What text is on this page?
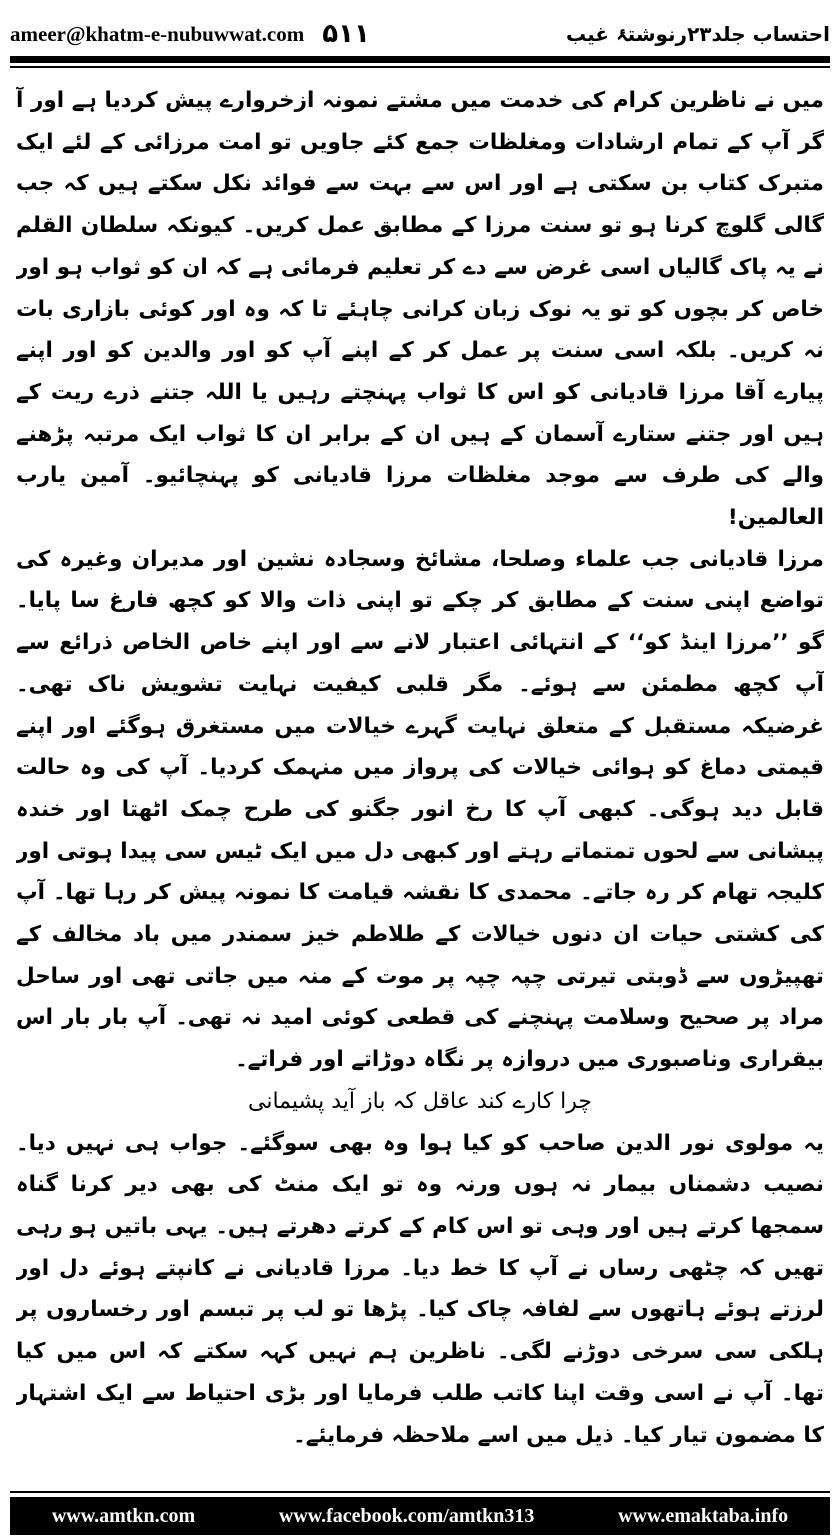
ameer@khatm-e-nubuwwat.com ۵۱۱	احتساب جلد۲۳رنوشتۂ غیب

میں نے ناظرین کرام کی خدمت میں مشتے نمونہ ازخروارے پیش کردیا ہے اور آ گر آپ کے تمام ارشادات ومغلظات جمع کئے جاویں تو امت مرزائی کے لئے ایک متبرک کتاب بن سکتی ہے اور اس سے بہت سے فوائد نکل سکتے ہیں کہ جب گالی گلوچ کرنا ہو تو سنت مرزا کے مطابق عمل کریں۔ کیونکہ سلطان القلم نے یہ پاک گالیاں اسی غرض سے دے کر تعلیم فرمائی ہے کہ ان کو ثواب ہو اور خاص کر بچوں کو تو یہ نوک زبان کرانی چاہئے تا کہ وہ اور کوئی بازاری بات نہ کریں۔ بلکہ اسی سنت پر عمل کر کے اپنے آپ کو اور والدین کو اور اپنے پیارے آقا مرزا قادیانی کو اس کا ثواب پہنچتے رہیں یا اللہ جتنے ذرے ریت کے ہیں اور جتنے ستارے آسمان کے ہیں ان کے برابر ان کا ثواب ایک مرتبہ پڑھنے والے کی طرف سے موجد مغلظات مرزا قادیانی کو پہنچائیو۔ آمین یارب العالمین!

مرزا قادیانی جب علماء وصلحا، مشائخ وسجادہ نشین اور مدیران وغیرہ کی تواضع اپنی سنت کے مطابق کر چکے تو اپنی ذات والا کو کچھ فارغ سا پایا۔ گو ’’مرزا اینڈ کو‘‘ کے انتہائی اعتبار لانے سے اور اپنے خاص الخاص ذرائع سے آپ کچھ مطمئن سے ہوئے۔ مگر قلبی کیفیت نہایت تشویش ناک تھی۔ غرضیکہ مستقبل کے متعلق نہایت گہرے خیالات میں مستغرق ہوگئے اور اپنے قیمتی دماغ کو ہوائی خیالات کی پرواز میں منہمک کردیا۔ آپ کی وہ حالت قابل دید ہوگی۔ کبھی آپ کا رخ انور جگنو کی طرح چمک اٹھتا اور خندہ پیشانی سے لحوں تمتماتے رہتے اور کبھی دل میں ایک ٹیس سی پیدا ہوتی اور کلیجہ تھام کر رہ جاتے۔ محمدی کا نقشہ قیامت کا نمونہ پیش کر رہا تھا۔ آپ کی کشتی حیات ان دنوں خیالات کے طلاطم خیز سمندر میں باد مخالف کے تھپیڑوں سے ڈوبتی تیرتی چپہ چپہ پر موت کے منہ میں جاتی تھی اور ساحل مراد پر صحیح وسلامت پہنچنے کی قطعی کوئی امید نہ تھی۔ آپ بار بار اس بیقراری وناصبوری میں دروازہ پر نگاہ دوڑاتے اور فراتے۔

چرا کارے کند عاقل کہ باز آید پشیمانی

یہ مولوی نور الدین صاحب کو کیا ہوا وہ بھی سوگئے۔ جواب ہی نہیں دیا۔ نصیب دشمناں بیمار نہ ہوں ورنہ وہ تو ایک منٹ کی بھی دیر کرنا گناہ سمجھا کرتے ہیں اور وہی تو اس کام کے کرتے دھرتے ہیں۔ یہی باتیں ہو رہی تھیں کہ چٹھی رساں نے آپ کا خط دیا۔ مرزا قادیانی نے کانپتے ہوئے دل اور لرزتے ہوئے ہاتھوں سے لفافہ چاک کیا۔ پڑھا تو لب پر تبسم اور رخساروں پر ہلکی سی سرخی دوڑنے لگی۔ ناظرین ہم نہیں کہہ سکتے کہ اس میں کیا تھا۔ آپ نے اسی وقت اپنا کاتب طلب فرمایا اور بڑی احتیاط سے ایک اشتہار کا مضمون تیار کیا۔ ذیل میں اسے ملاحظہ فرمایئے۔

www.amtkn.com	www.facebook.com/amtkn313	www.emaktaba.info
